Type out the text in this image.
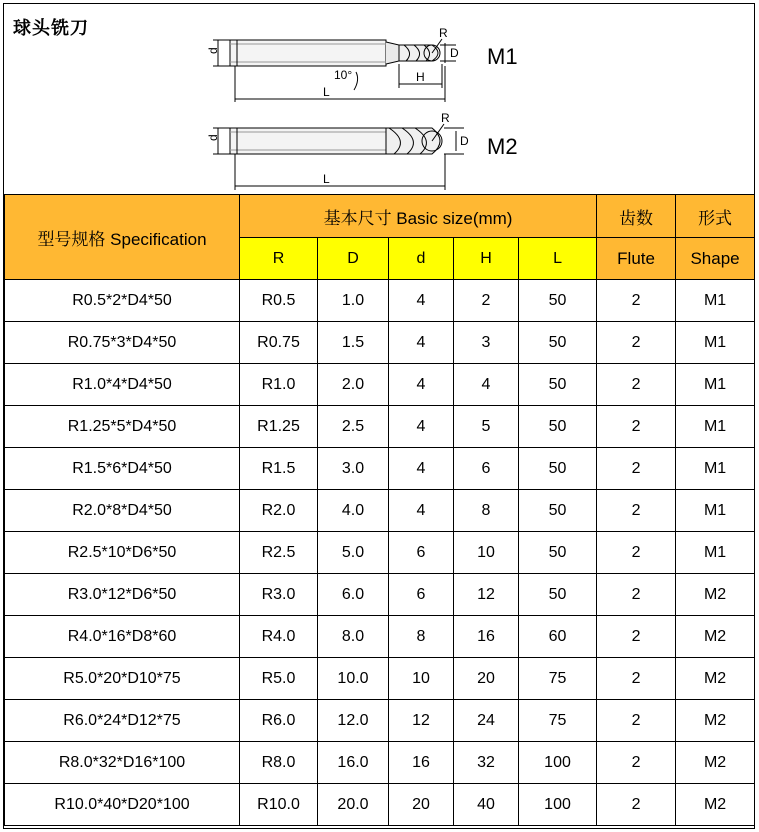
球头铣刀	R
D
d
H
10°
L
R
D
d
L
M1
M2
型号规格 Specification	基本尺寸 Basic size(mm)					齿数	形式
	R	D	d	H	L	Flute	Shape
R0.5*2*D4*50	R0.5	1.0	4	2	50	2	M1
R0.75*3*D4*50	R0.75	1.5	4	3	50	2	M1
R1.0*4*D4*50	R1.0	2.0	4	4	50	2	M1
R1.25*5*D4*50	R1.25	2.5	4	5	50	2	M1
R1.5*6*D4*50	R1.5	3.0	4	6	50	2	M1
R2.0*8*D4*50	R2.0	4.0	4	8	50	2	M1
R2.5*10*D6*50	R2.5	5.0	6	10	50	2	M1
R3.0*12*D6*50	R3.0	6.0	6	12	50	2	M2
R4.0*16*D8*60	R4.0	8.0	8	16	60	2	M2
R5.0*20*D10*75	R5.0	10.0	10	20	75	2	M2
R6.0*24*D12*75	R6.0	12.0	12	24	75	2	M2
R8.0*32*D16*100	R8.0	16.0	16	32	100	2	M2
R10.0*40*D20*100	R10.0	20.0	20	40	100	2	M2
